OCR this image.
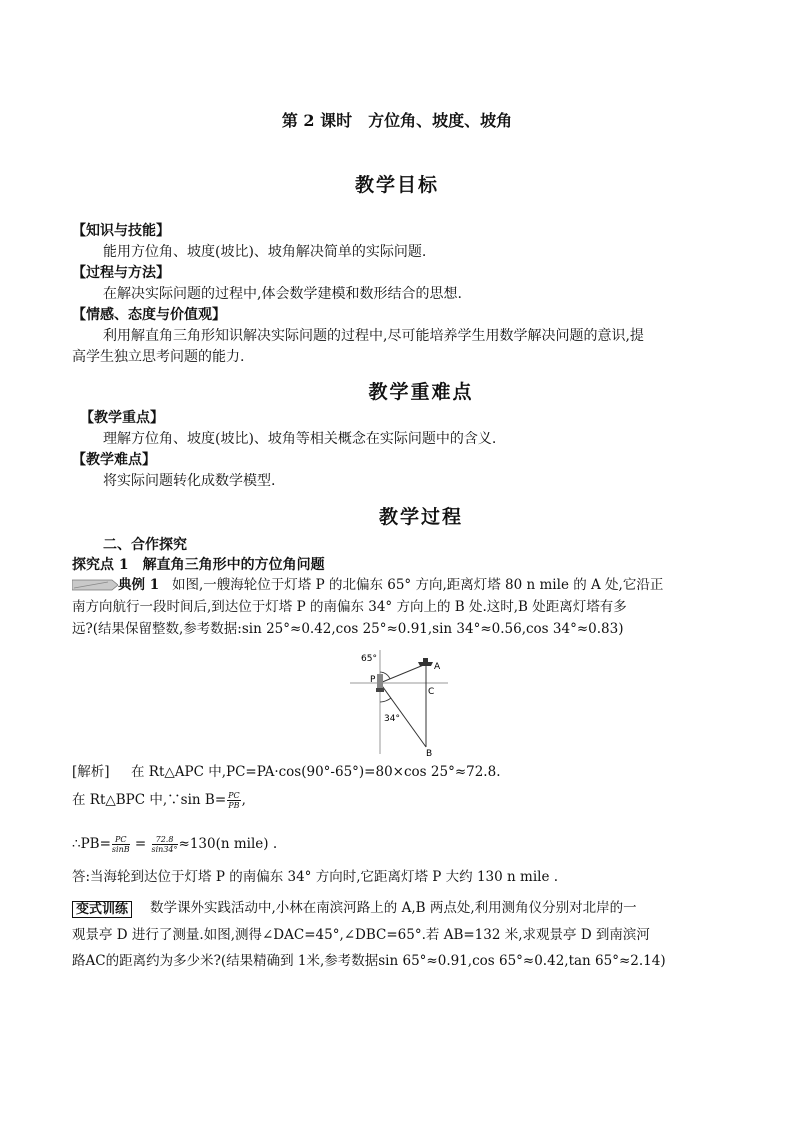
第 2 课时　方位角、坡度、坡角
教学目标
【知识与技能】
能用方位角、坡度(坡比)、坡角解决简单的实际问题.
【过程与方法】
在解决实际问题的过程中,体会数学建模和数形结合的思想.
【情感、态度与价值观】
利用解直角三角形知识解决实际问题的过程中,尽可能培养学生用数学解决问题的意识,提
高学生独立思考问题的能力.
教学重难点
【教学重点】
理解方位角、坡度(坡比)、坡角等相关概念在实际问题中的含义.
【教学难点】
将实际问题转化成数学模型.
教学过程
二、合作探究
探究点 1　解直角三角形中的方位角问题
典例 1 如图,一艘海轮位于灯塔 P 的北偏东 65° 方向,距离灯塔 80 n mile 的 A 处,它沿正
南方向航行一段时间后,到达位于灯塔 P 的南偏东 34° 方向上的 B 处.这时,B 处距离灯塔有多
远?(结果保留整数,参考数据:sin 25°≈0.42,cos 25°≈0.91,sin 34°≈0.56,cos 34°≈0.83)
65°
34°
P
A
C
B
[解析] 在 Rt△APC 中,PC=PA·cos(90°-65°)=80×cos 25°≈72.8.
在 Rt△BPC 中,∵sin $B= \frac{PC}{PB}$ ,
∴PB= $\frac{PC}{\sin B} = \frac{72.8}{\sin 34^\circ} \approx 130(n$ mile) .
答:当海轮到达位于灯塔 P 的南偏东 34° 方向时,它距离灯塔 P 大约 130 n mile .
变式训练 数学课外实践活动中,小林在南滨河路上的 A,B 两点处,利用测角仪分别对北岸的一
观景亭 D 进行了测量.如图,测得∠DAC=45°,∠DBC=65°.若 AB=132 米,求观景亭 D 到南滨河
路AC的距离约为多少米?(结果精确到 1米,参考数据sin 65°≈0.91,cos 65°≈0.42,tan 65°≈2.14)
